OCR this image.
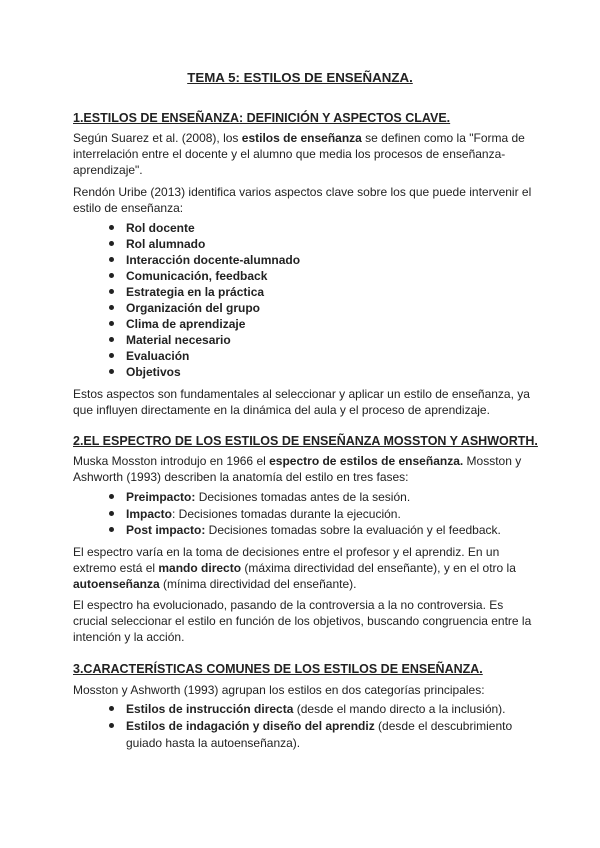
TEMA 5: ESTILOS DE ENSEÑANZA.
1.ESTILOS DE ENSEÑANZA: DEFINICIÓN Y ASPECTOS CLAVE.

Según Suarez et al. (2008), los estilos de enseñanza se definen como la "Forma de interrelación entre el docente y el alumno que media los procesos de enseñanza-aprendizaje".

Rendón Uribe (2013) identifica varios aspectos clave sobre los que puede intervenir el estilo de enseñanza:

Rol docente
Rol alumnado
Interacción docente-alumnado
Comunicación, feedback
Estrategia en la práctica
Organización del grupo
Clima de aprendizaje
Material necesario
Evaluación
Objetivos

Estos aspectos son fundamentales al seleccionar y aplicar un estilo de enseñanza, ya que influyen directamente en la dinámica del aula y el proceso de aprendizaje.

2.EL ESPECTRO DE LOS ESTILOS DE ENSEÑANZA MOSSTON Y ASHWORTH.

Muska Mosston introdujo en 1966 el espectro de estilos de enseñanza. Mosston y Ashworth (1993) describen la anatomía del estilo en tres fases:

Preimpacto: Decisiones tomadas antes de la sesión.
Impacto: Decisiones tomadas durante la ejecución.
Post impacto: Decisiones tomadas sobre la evaluación y el feedback.

El espectro varía en la toma de decisiones entre el profesor y el aprendiz. En un extremo está el mando directo (máxima directividad del enseñante), y en el otro la autoenseñanza (mínima directividad del enseñante).

El espectro ha evolucionado, pasando de la controversia a la no controversia. Es crucial seleccionar el estilo en función de los objetivos, buscando congruencia entre la intención y la acción.

3.CARACTERÍSTICAS COMUNES DE LOS ESTILOS DE ENSEÑANZA.

Mosston y Ashworth (1993) agrupan los estilos en dos categorías principales:

Estilos de instrucción directa (desde el mando directo a la inclusión).
Estilos de indagación y diseño del aprendiz (desde el descubrimiento guiado hasta la autoenseñanza).
